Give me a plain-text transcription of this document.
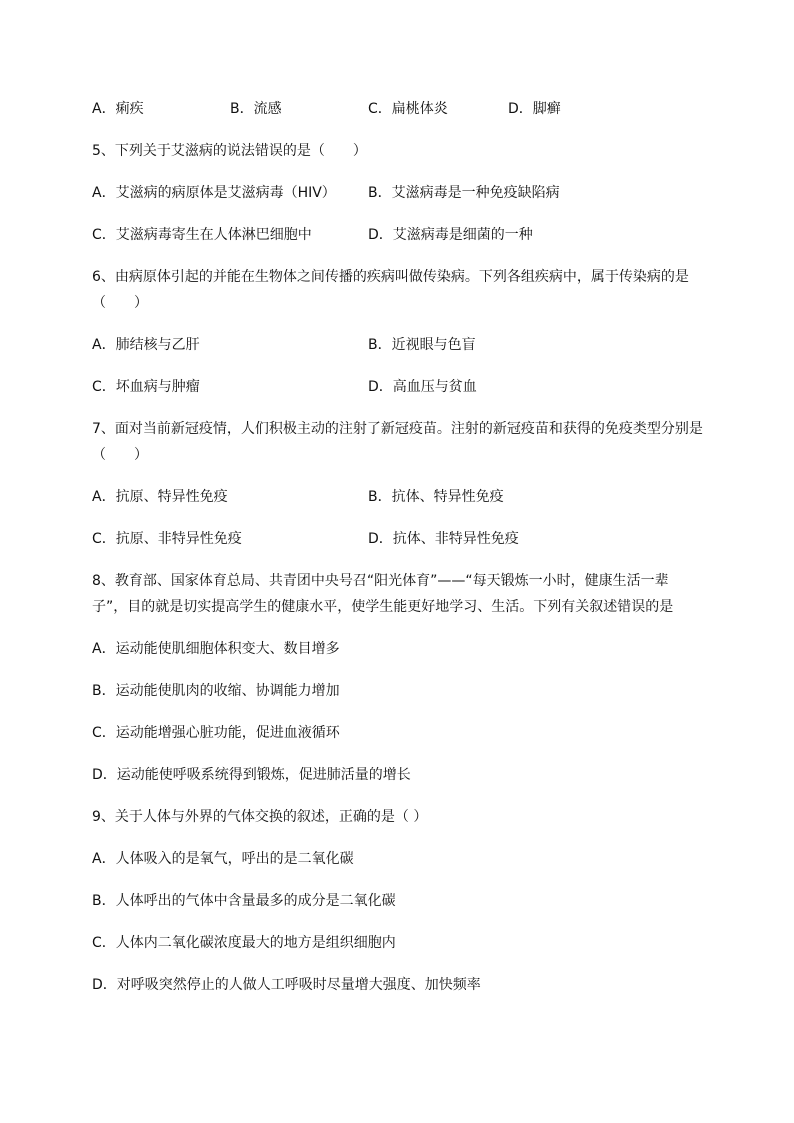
A．痢疾	B．流感	C．扁桃体炎	D．脚癣
5、下列关于艾滋病的说法错误的是（　　）
A．艾滋病的病原体是艾滋病毒（HIV） B．艾滋病毒是一种免疫缺陷病
C．艾滋病毒寄生在人体淋巴细胞中	D．艾滋病毒是细菌的一种
6、由病原体引起的并能在生物体之间传播的疾病叫做传染病。下列各组疾病中，属于传染病的是
（　　）
A．肺结核与乙肝	B．近视眼与色盲
C．坏血病与肿瘤	D．高血压与贫血
7、面对当前新冠疫情，人们积极主动的注射了新冠疫苗。注射的新冠疫苗和获得的免疫类型分别是
（　　）
A．抗原、特异性免疫	B．抗体、特异性免疫
C．抗原、非特异性免疫	D．抗体、非特异性免疫
8、教育部、国家体育总局、共青团中央号召“阳光体育”——“每天锻炼一小时，健康生活一辈
子”，目的就是切实提高学生的健康水平，使学生能更好地学习、生活。下列有关叙述错误的是
A．运动能使肌细胞体积变大、数目增多
B．运动能使肌肉的收缩、协调能力增加
C．运动能增强心脏功能，促进血液循环
D．运动能使呼吸系统得到锻炼，促进肺活量的增长
9、关于人体与外界的气体交换的叙述，正确的是（ ）
A．人体吸入的是氧气，呼出的是二氧化碳
B．人体呼出的气体中含量最多的成分是二氧化碳
C．人体内二氧化碳浓度最大的地方是组织细胞内
D．对呼吸突然停止的人做人工呼吸时尽量增大强度、加快频率
